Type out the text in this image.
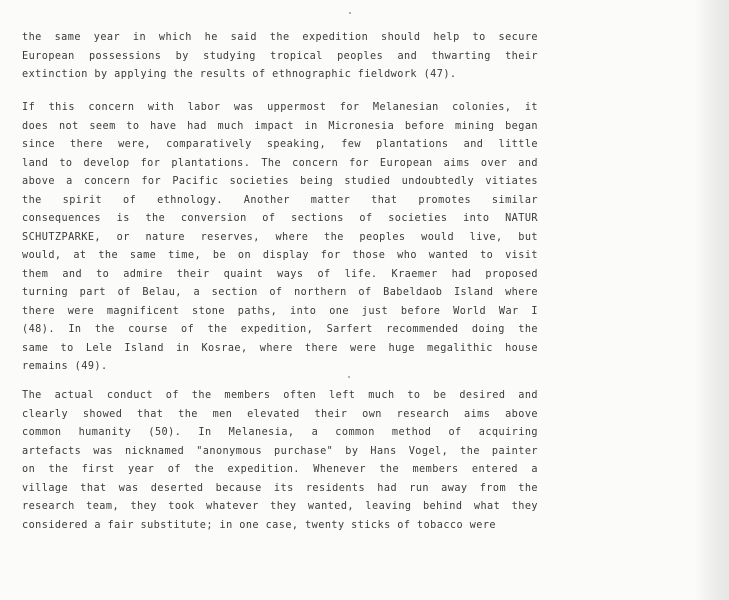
the same year in which he said the expedition should help to secure
European possessions by studying tropical peoples and thwarting their
extinction by applying the results of ethnographic fieldwork (47).
If this concern with labor was uppermost for Melanesian colonies, it
does not seem to have had much impact in Micronesia before mining began
since there were, comparatively speaking, few plantations and little
land to develop for plantations. The concern for European aims over and
above a concern for Pacific societies being studied undoubtedly vitiates
the spirit of ethnology. Another matter that promotes similar
consequences is the conversion of sections of societies into NATUR
SCHUTZPARKE, or nature reserves, where the peoples would live, but
would, at the same time, be on display for those who wanted to visit
them and to admire their quaint ways of life. Kraemer had proposed
turning part of Belau, a section of northern of Babeldaob Island where
there were magnificent stone paths, into one just before World War I
(48). In the course of the expedition, Sarfert recommended doing the
same to Lele Island in Kosrae, where there were huge megalithic house
remains (49).
The actual conduct of the members often left much to be desired and
clearly showed that the men elevated their own research aims above
common humanity (50). In Melanesia, a common method of acquiring
artefacts was nicknamed "anonymous purchase" by Hans Vogel, the painter
on the first year of the expedition. Whenever the members entered a
village that was deserted because its residents had run away from the
research team, they took whatever they wanted, leaving behind what they
considered a fair substitute; in one case, twenty sticks of tobacco were
